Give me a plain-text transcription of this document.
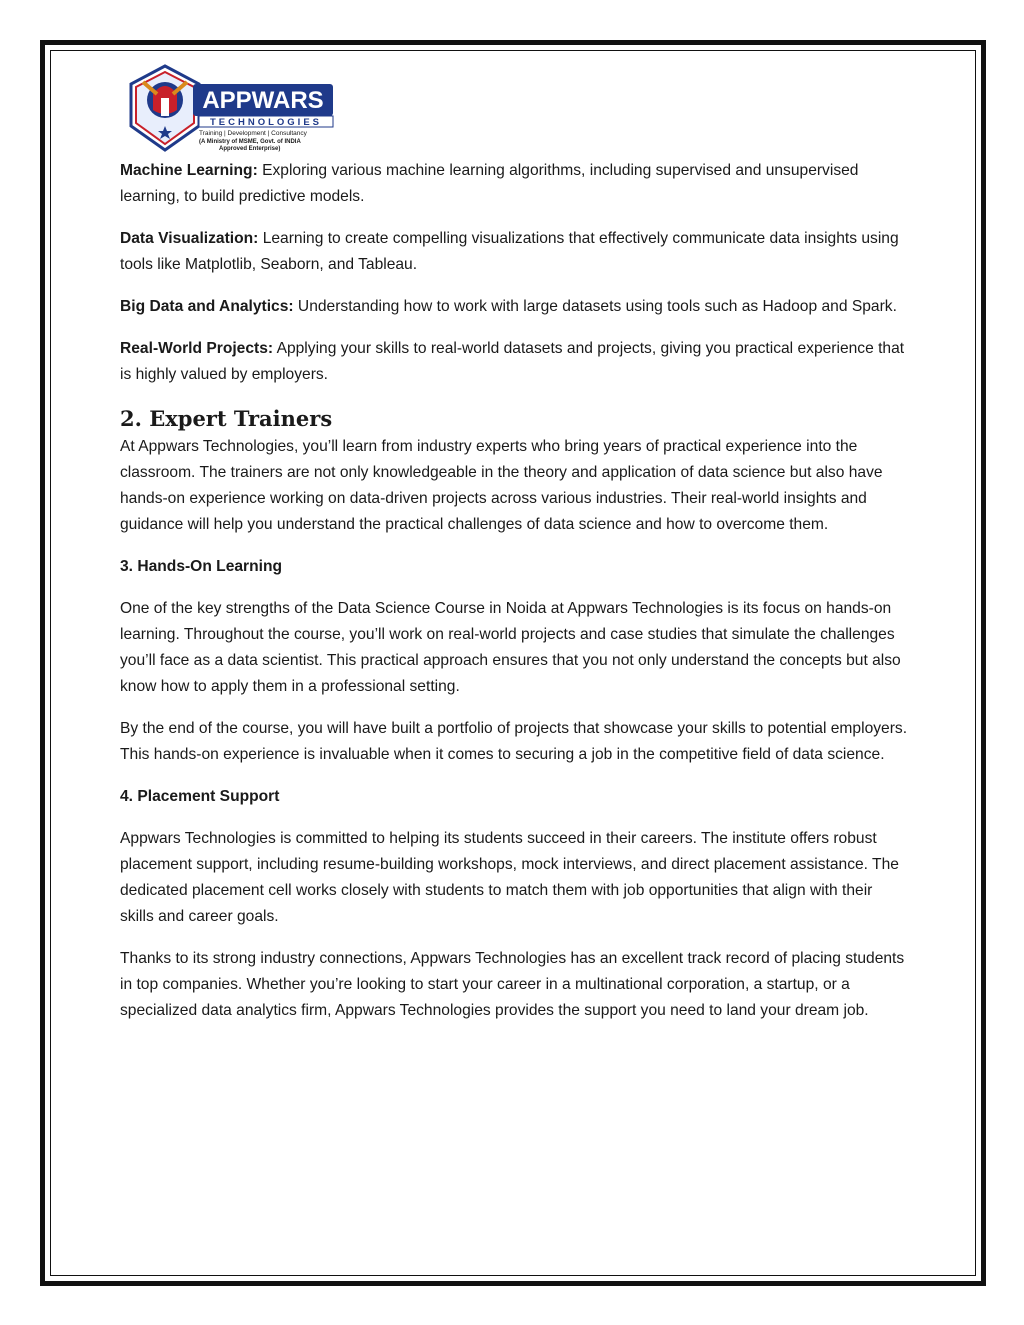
APPWARS
TECHNOLOGIES
Training | Development | Consultancy
(A Ministry of MSME, Govt. of INDIA
Approved Enterprise)

Machine Learning: Exploring various machine learning algorithms, including supervised and unsupervised learning, to build predictive models.

Data Visualization: Learning to create compelling visualizations that effectively communicate data insights using tools like Matplotlib, Seaborn, and Tableau.

Big Data and Analytics: Understanding how to work with large datasets using tools such as Hadoop and Spark.

Real-World Projects: Applying your skills to real-world datasets and projects, giving you practical experience that is highly valued by employers.

2. Expert Trainers

At Appwars Technologies, you’ll learn from industry experts who bring years of practical experience into the classroom. The trainers are not only knowledgeable in the theory and application of data science but also have hands-on experience working on data-driven projects across various industries. Their real-world insights and guidance will help you understand the practical challenges of data science and how to overcome them.

3. Hands-On Learning

One of the key strengths of the Data Science Course in Noida at Appwars Technologies is its focus on hands-on learning. Throughout the course, you’ll work on real-world projects and case studies that simulate the challenges you’ll face as a data scientist. This practical approach ensures that you not only understand the concepts but also know how to apply them in a professional setting.

By the end of the course, you will have built a portfolio of projects that showcase your skills to potential employers. This hands-on experience is invaluable when it comes to securing a job in the competitive field of data science.

4. Placement Support

Appwars Technologies is committed to helping its students succeed in their careers. The institute offers robust placement support, including resume-building workshops, mock interviews, and direct placement assistance. The dedicated placement cell works closely with students to match them with job opportunities that align with their skills and career goals.

Thanks to its strong industry connections, Appwars Technologies has an excellent track record of placing students in top companies. Whether you’re looking to start your career in a multinational corporation, a startup, or a specialized data analytics firm, Appwars Technologies provides the support you need to land your dream job.
